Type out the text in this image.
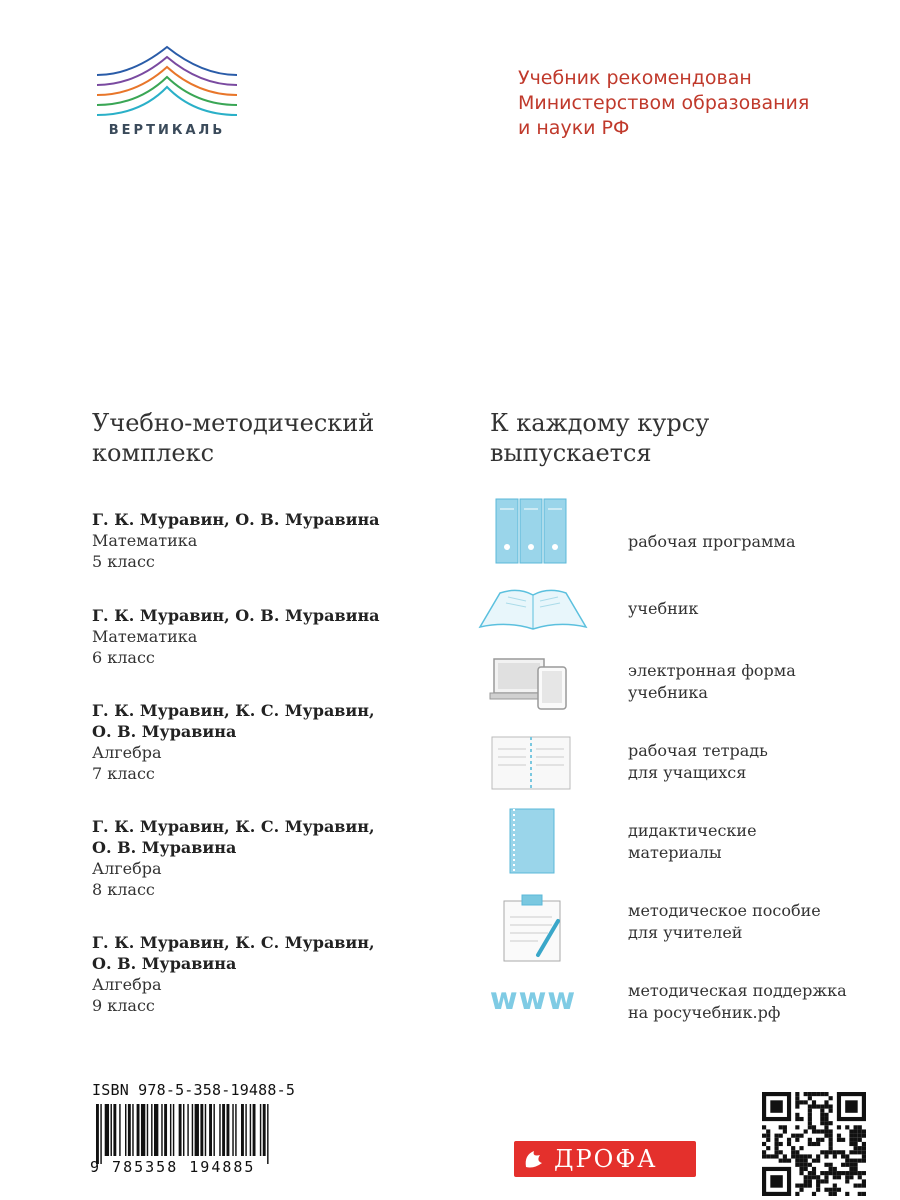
ВЕРТИКАЛЬ
Учебник рекомендован
Министерством образования
и науки РФ
Учебно-методический
комплекс
К каждому курсу
выпускается
Г. К. Муравин, О. В. Муравина
Математика
5 класс
Г. К. Муравин, О. В. Муравина
Математика
6 класс
Г. К. Муравин, К. С. Муравин,
О. В. Муравина
Алгебра
7 класс
Г. К. Муравин, К. С. Муравин,
О. В. Муравина
Алгебра
8 класс
Г. К. Муравин, К. С. Муравин,
О. В. Муравина
Алгебра
9 класс	www
рабочая программа
учебник
электронная форма
учебника
рабочая тетрадь
для учащихся
дидактические
материалы
методическое пособие
для учителей
методическая поддержка
на росучебник.рф
ISBN 978-5-358-19488-5
9 785358 194885	ДРОФА
